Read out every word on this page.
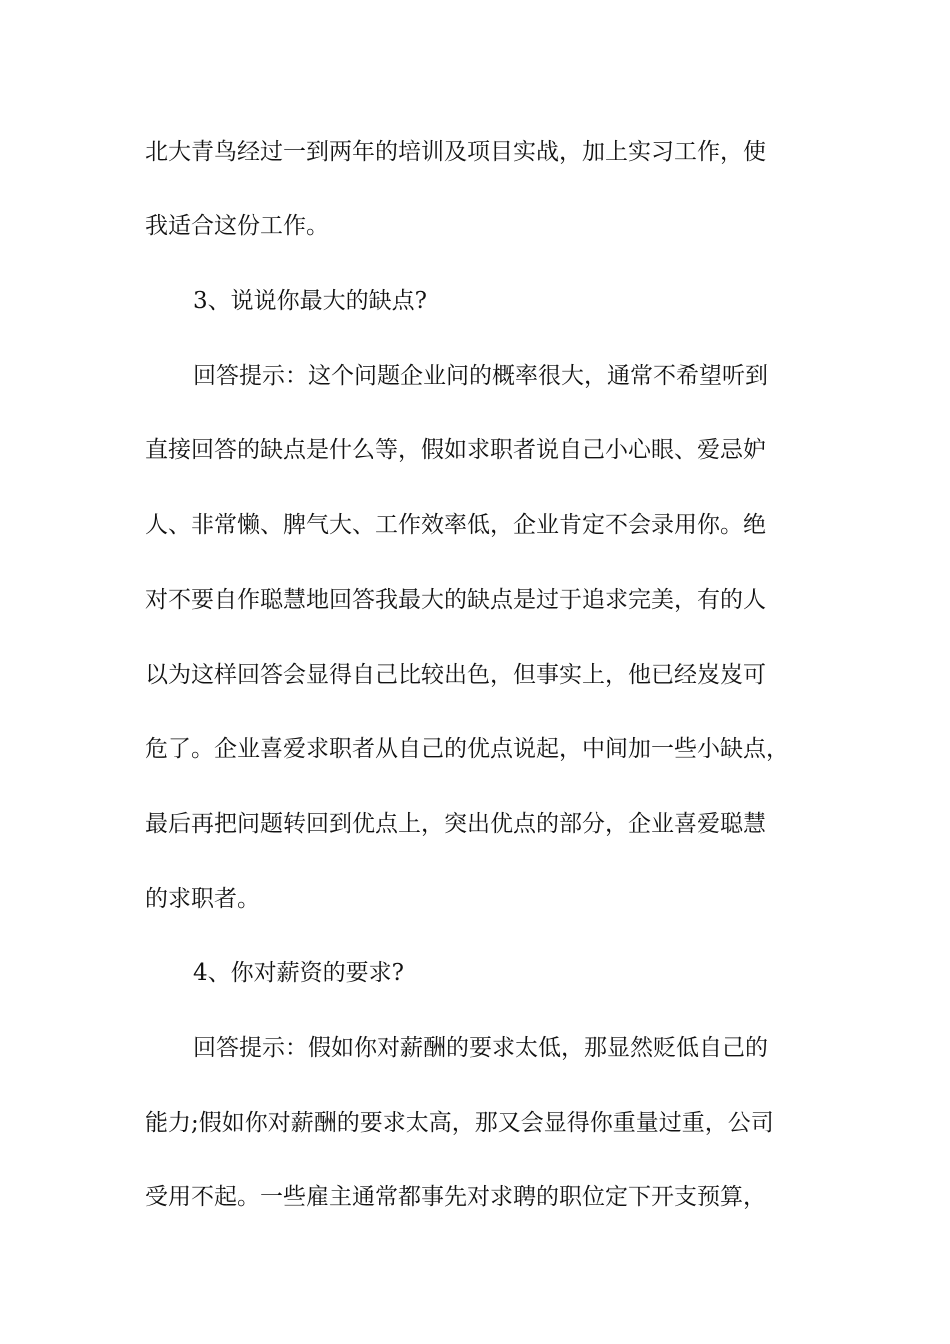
北大青鸟经过一到两年的培训及项目实战，加上实习工作，使

我适合这份工作。

3、说说你最大的缺点?

回答提示：这个问题企业问的概率很大，通常不希望听到

直接回答的缺点是什么等，假如求职者说自己小心眼、爱忌妒

人、非常懒、脾气大、工作效率低，企业肯定不会录用你。绝

对不要自作聪慧地回答我最大的缺点是过于追求完美，有的人

以为这样回答会显得自己比较出色，但事实上，他已经岌岌可

危了。企业喜爱求职者从自己的优点说起，中间加一些小缺点，

最后再把问题转回到优点上，突出优点的部分，企业喜爱聪慧

的求职者。

4、你对薪资的要求?

回答提示：假如你对薪酬的要求太低，那显然贬低自己的

能力;假如你对薪酬的要求太高，那又会显得你重量过重，公司

受用不起。一些雇主通常都事先对求聘的职位定下开支预算，
